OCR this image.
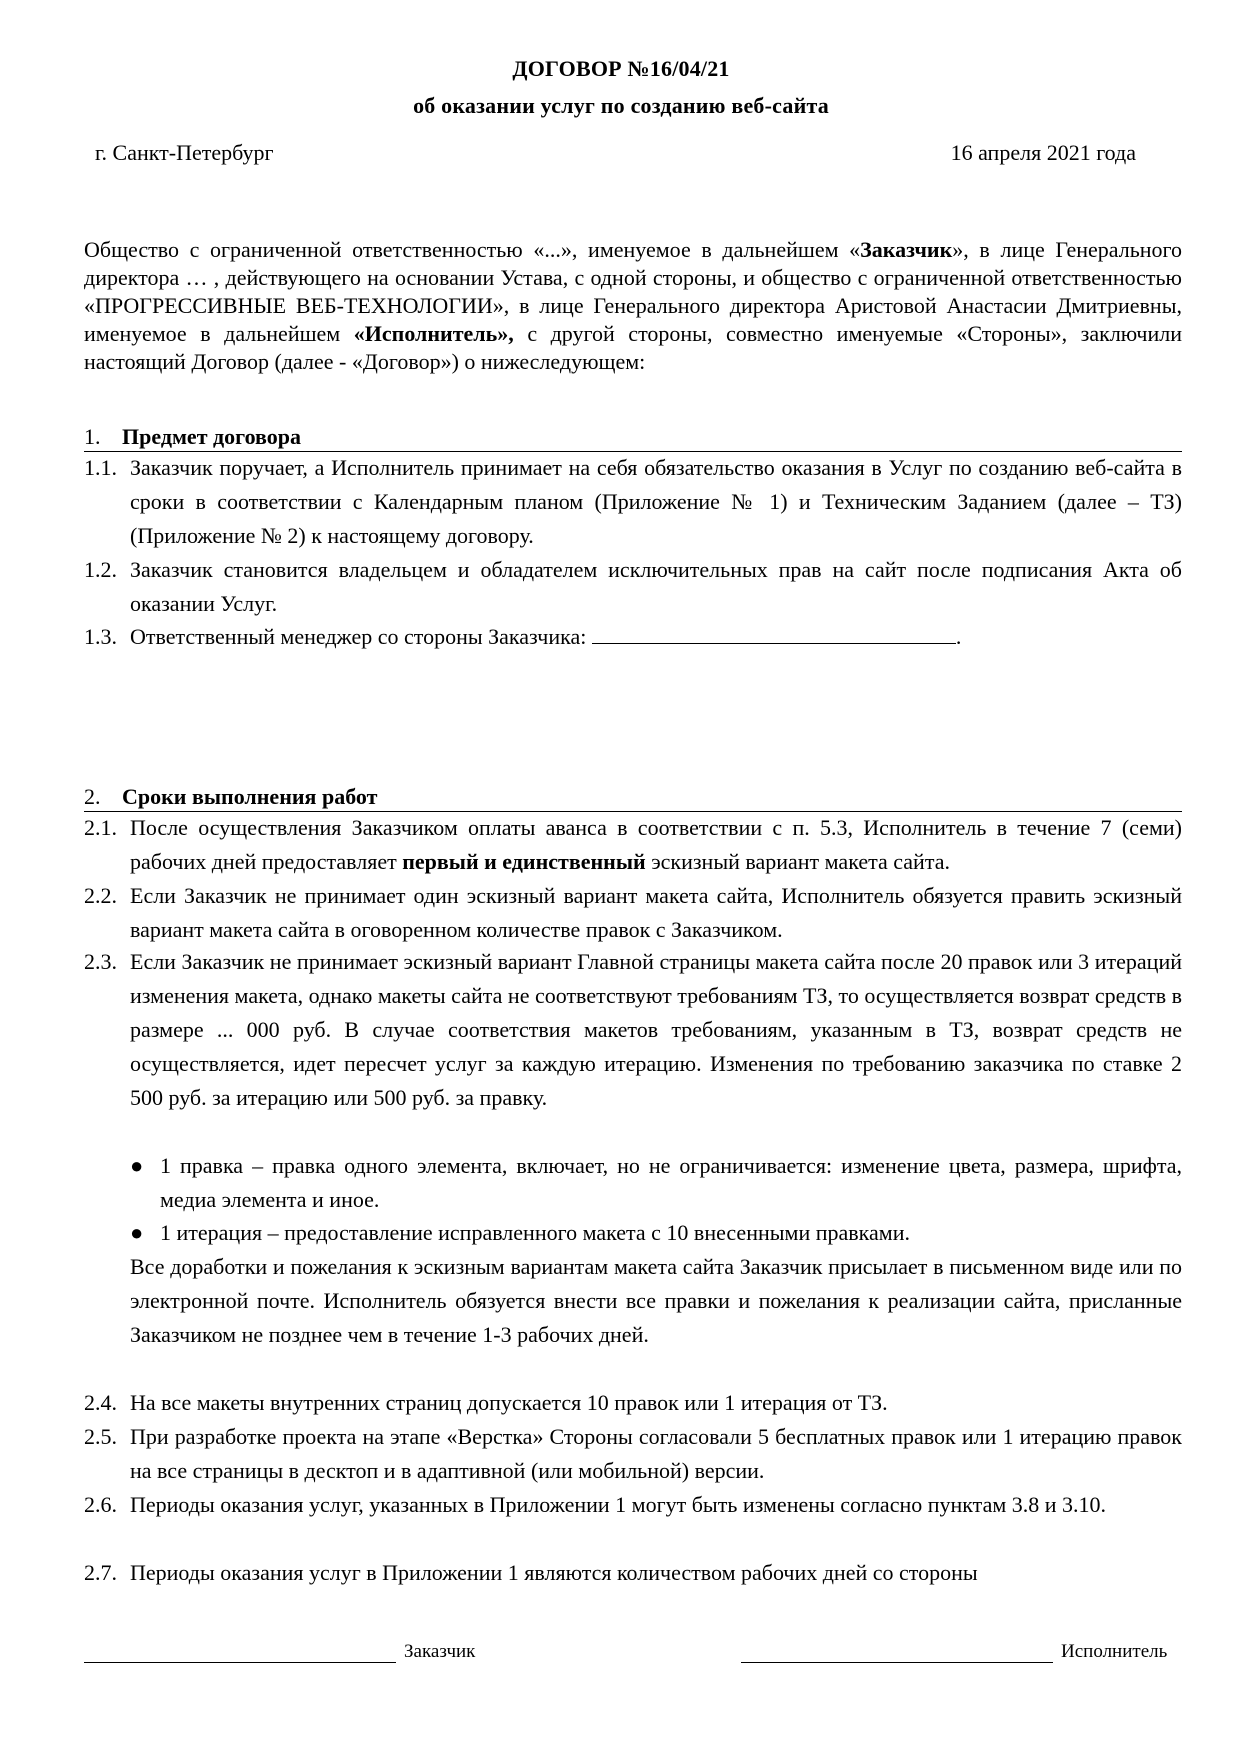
ДОГОВОР №16/04/21
об оказании услуг по созданию веб-сайта
г. Санкт-Петербург	16 апреля 2021 года

Общество с ограниченной ответственностью «...», именуемое в дальнейшем «Заказчик», в лице Генерального директора … , действующего на основании Устава, с одной стороны, и общество с ограниченной ответственностью «ПРОГРЕССИВНЫЕ ВЕБ-ТЕХНОЛОГИИ», в лице Генерального директора Аристовой Анастасии Дмитриевны, именуемое в дальнейшем «Исполнитель», с другой стороны, совместно именуемые «Стороны», заключили настоящий Договор (далее - «Договор») о нижеследующем:

1. Предмет договора
1.1. Заказчик поручает, а Исполнитель принимает на себя обязательство оказания в Услуг по созданию веб-сайта в сроки в соответствии с Календарным планом (Приложение № 1) и Техническим Заданием (далее – ТЗ) (Приложение № 2) к настоящему договору.
1.2. Заказчик становится владельцем и обладателем исключительных прав на сайт после подписания Акта об оказании Услуг.
1.3. Ответственный менеджер со стороны Заказчика:	.
2. Сроки выполнения работ
2.1. После осуществления Заказчиком оплаты аванса в соответствии с п. 5.3, Исполнитель в течение 7 (семи) рабочих дней предоставляет первый и единственный эскизный вариант макета сайта.
2.2. Если Заказчик не принимает один эскизный вариант макета сайта, Исполнитель обязуется править эскизный вариант макета сайта в оговоренном количестве правок с Заказчиком.
2.3. Если Заказчик не принимает эскизный вариант Главной страницы макета сайта после 20 правок или 3 итераций изменения макета, однако макеты сайта не соответствуют требованиям ТЗ, то осуществляется возврат средств в размере ... 000 руб. В случае соответствия макетов требованиям, указанным в ТЗ, возврат средств не осуществляется, идет пересчет услуг за каждую итерацию. Изменения по требованию заказчика по ставке 2 500 руб. за итерацию или 500 руб. за правку.
● 1 правка – правка одного элемента, включает, но не ограничивается: изменение цвета, размера, шрифта, медиа элемента и иное.
● 1 итерация – предоставление исправленного макета с 10 внесенными правками.
Все доработки и пожелания к эскизным вариантам макета сайта Заказчик присылает в письменном виде или по электронной почте. Исполнитель обязуется внести все правки и пожелания к реализации сайта, присланные Заказчиком не позднее чем в течение 1-3 рабочих дней.
2.4. На все макеты внутренних страниц допускается 10 правок или 1 итерация от ТЗ.
2.5. При разработке проекта на этапе «Верстка» Стороны согласовали 5 бесплатных правок или 1 итерацию правок на все страницы в десктоп и в адаптивной (или мобильной) версии.
2.6. Периоды оказания услуг, указанных в Приложении 1 могут быть изменены согласно пунктам 3.8 и 3.10.
2.7. Периоды оказания услуг в Приложении 1 являются количеством рабочих дней со стороны
Заказчик	Исполнитель
